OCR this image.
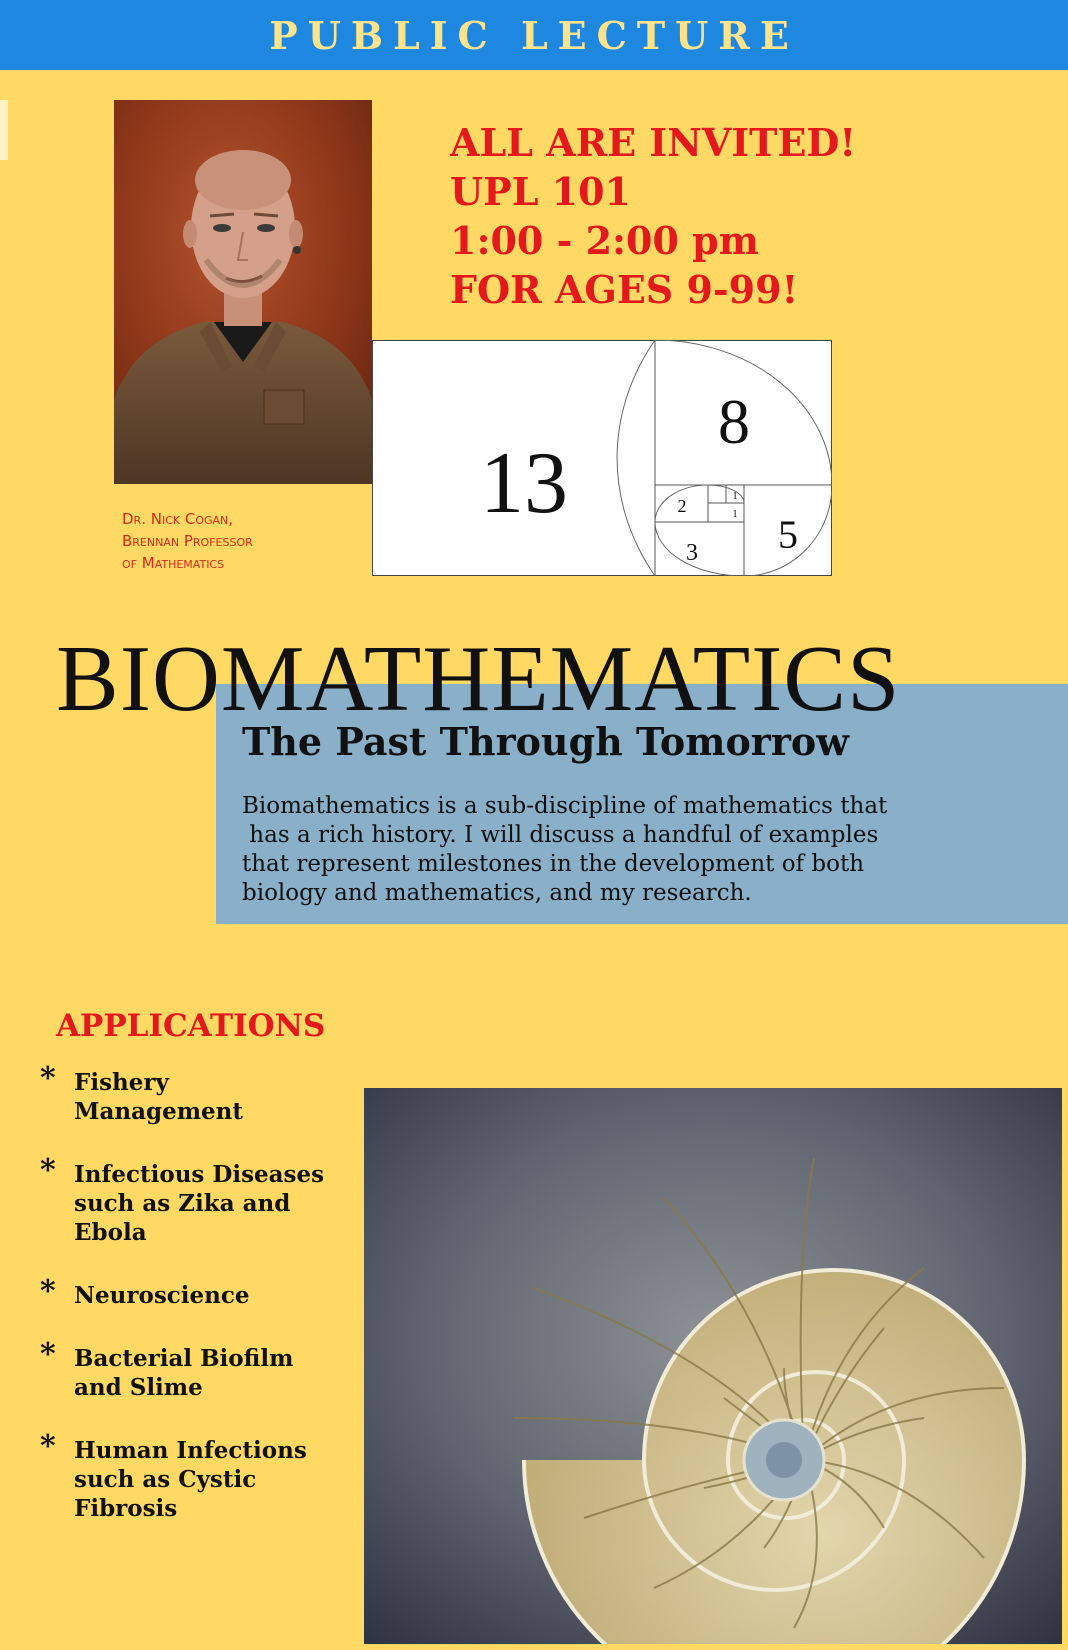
PUBLIC LECTURE
Dr. Nick Cogan,
Brennan Professor
of Mathematics
ALL ARE INVITED!
UPL 101
1:00 - 2:00 pm
FOR AGES 9-99!
13
8
5
3
2	1
1
BIOMATHEMATICS
The Past Through Tomorrow
Biomathematics is a sub-discipline of mathematics that
has a rich history. I will discuss a handful of examples
that represent milestones in the development of both
biology and mathematics, and my research.
APPLICATIONS
* Fishery
Management
* Infectious Diseases
such as Zika and
Ebola
* Neuroscience
* Bacterial Biofilm
and Slime
* Human Infections
such as Cystic
Fibrosis
